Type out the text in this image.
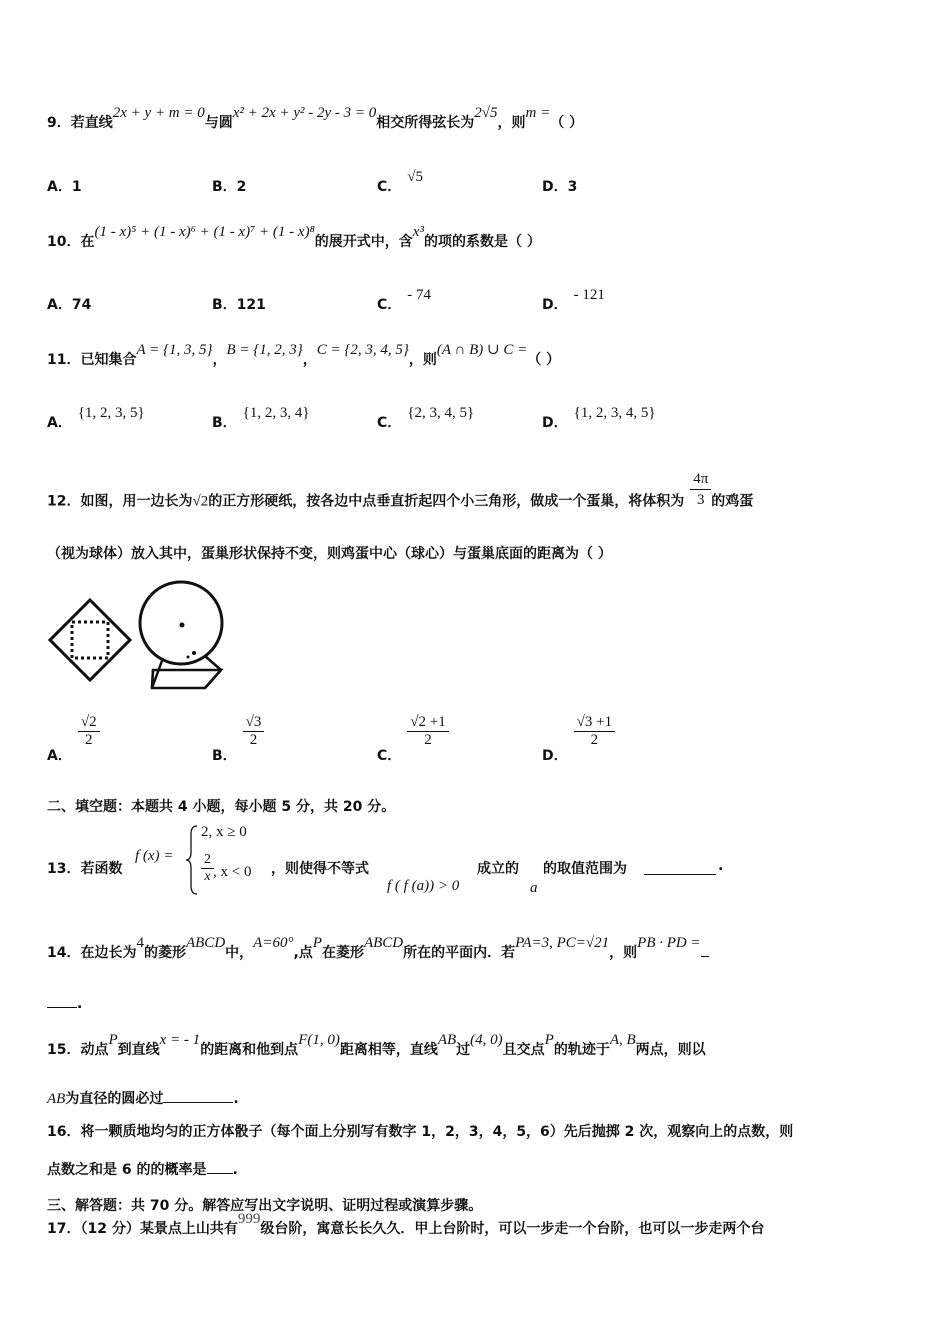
9．若直线2x + y + m = 0与圆x² + 2x + y² - 2y - 3 = 0相交所得弦长为2√5，则m =（ ）
A．1	B．2	C．√5
D．3
10．在(1 - x)⁵ + (1 - x)⁶ + (1 - x)⁷ + (1 - x)⁸的展开式中，含x³的项的系数是（ ）
A．74	B．121	C．- 74
D．- 121
11．已知集合A = {1, 3, 5}，B = {1, 2, 3}，C = {2, 3, 4, 5}，则(A ∩ B) ∪ C =（ ）
A．{1, 2, 3, 5}
B．{1, 2, 3, 4}
C．{2, 3, 4, 5}
D．{1, 2, 3, 4, 5}
12．如图，用一边长为√2的正方形硬纸，按各边中点垂直折起四个小三角形，做成一个蛋巢，将体积为 $\frac{4\pi}{3}$ 的鸡蛋
（视为球体）放入其中，蛋巢形状保持不变，则鸡蛋中心（球心）与蛋巢底面的距离为（ ）
A．
$\frac{√2}{2}$
B．
$\frac{√3}{2}$
C．
$\frac{√2 +1}{2}$
D．
$\frac{√3 +1}{2}$
二、填空题：本题共 4 小题，每小题 5 分，共 20 分。
13．若函数
f (x) =
2, x ≥ 0
$\frac{2}{x}$ , x < 0 ，则使得不等式
f ( f (a)) > 0
成立的
a
的取值范围为	.
14．在边长为4的菱形ABCD中，A=60°,点P在菱形ABCD所在的平面内．若PA=3, PC=√21，则PB · PD =
.
15．动点P到直线x = - 1的距离和他到点F(1, 0)距离相等，直线AB过(4, 0)且交点P的轨迹于A, B两点，则以
AB为直径的圆必过	.
16．将一颗质地均匀的正方体骰子（每个面上分别写有数字 1，2，3，4，5，6）先后抛掷 2 次，观察向上的点数，则
点数之和是 6 的的概率是 .
三、解答题：共 70 分。解答应写出文字说明、证明过程或演算步骤。
17．（12 分）某景点上山共有999级台阶，寓意长长久久．甲上台阶时，可以一步走一个台阶，也可以一步走两个台
